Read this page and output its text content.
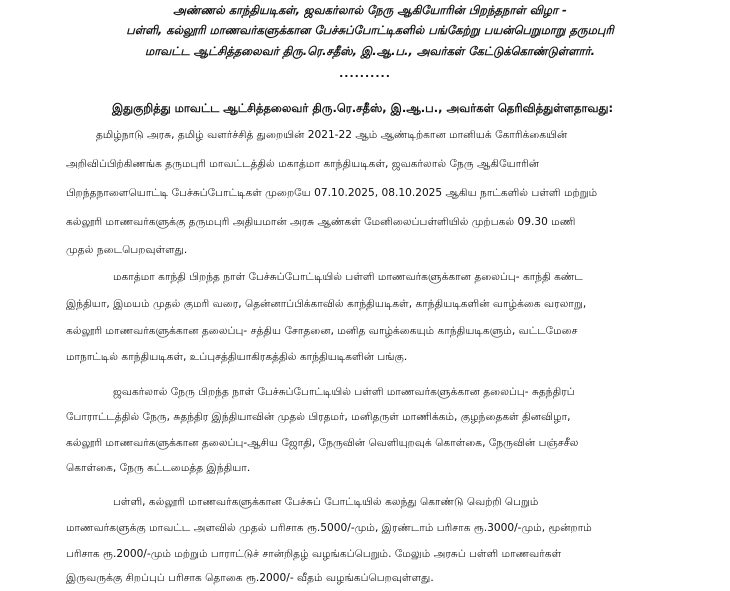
அண்ணல் காந்தியடிகள், ஜவகர்லால் நேரு ஆகியோரின் பிறந்தநாள் விழா -
பள்ளி, கல்லூரி மாணவர்களுக்கான பேச்சுப்போட்டிகளில் பங்கேற்று பயன்பெறுமாறு தருமபுரி
மாவட்ட ஆட்சித்தலைவர் திரு.ரெ.சதீஸ், இ.ஆ.ப., அவர்கள் கேட்டுக்கொண்டுள்ளார்.
..........
இதுகுறித்து மாவட்ட ஆட்சித்தலைவர் திரு.ரெ.சதீஸ், இ.ஆ.ப., அவர்கள் தெரிவித்துள்ளதாவது:
தமிழ்நாடு அரசு, தமிழ் வளர்ச்சித் துறையின் 2021-22 ஆம் ஆண்டிற்கான மானியக் கோரிக்கையின்
அறிவிப்பிற்கிணங்க தருமபுரி மாவட்டத்தில் மகாத்மா காந்தியடிகள், ஜவகர்லால் நேரு ஆகியோரின்
பிறந்தநாளையொட்டி பேச்சுப்போட்டிகள் முறையே 07.10.2025, 08.10.2025 ஆகிய நாட்களில் பள்ளி மற்றும்
கல்லூரி மாணவர்களுக்கு தருமபுரி அதியமான் அரசு ஆண்கள் மேனிலைப்பள்ளியில் முற்பகல் 09.30 மணி
முதல் நடைபெறவுள்ளது.
மகாத்மா காந்தி பிறந்த நாள் பேச்சுப்போட்டியில் பள்ளி மாணவர்களுக்கான தலைப்பு- காந்தி கண்ட
இந்தியா, இமயம் முதல் குமரி வரை, தென்னாப்பிக்காவில் காந்தியடிகள், காந்தியடிகளின் வாழ்க்கை வரலாறு,
கல்லூரி மாணவர்களுக்கான தலைப்பு- சத்திய சோதனை, மனித வாழ்க்கையும் காந்தியடிகளும், வட்டமேசை
மாநாட்டில் காந்தியடிகள், உப்புசத்தியாகிரகத்தில் காந்தியடிகளின் பங்கு.
ஜவகர்லால் நேரு பிறந்த நாள் பேச்சுப்போட்டியில் பள்ளி மாணவர்களுக்கான தலைப்பு- சுதந்திரப்
போராட்டத்தில் நேரு, சுதந்திர இந்தியாவின் முதல் பிரதமர், மனிதருள் மாணிக்கம், குழந்தைகள் தினவிழா,
கல்லூரி மாணவர்களுக்கான தலைப்பு-ஆசிய ஜோதி, நேருவின் வெளியுறவுக் கொள்கை, நேருவின் பஞ்சசீல
கொள்கை, நேரு கட்டமைத்த இந்தியா.
பள்ளி, கல்லூரி மாணவர்களுக்கான பேச்சுப் போட்டியில் கலந்து கொண்டு வெற்றி பெறும்
மாணவர்களுக்கு மாவட்ட அளவில் முதல் பரிசாக ரூ.5000/-மும், இரண்டாம் பரிசாக ரூ.3000/-மும், மூன்றாம்
பரிசாக ரூ.2000/-மும் மற்றும் பாராட்டுச் சான்றிதழ் வழங்கப்பெறும். மேலும் அரசுப் பள்ளி மாணவர்கள்
இருவருக்கு சிறப்புப் பரிசாக தொகை ரூ.2000/- வீதம் வழங்கப்பெறவுள்ளது.
